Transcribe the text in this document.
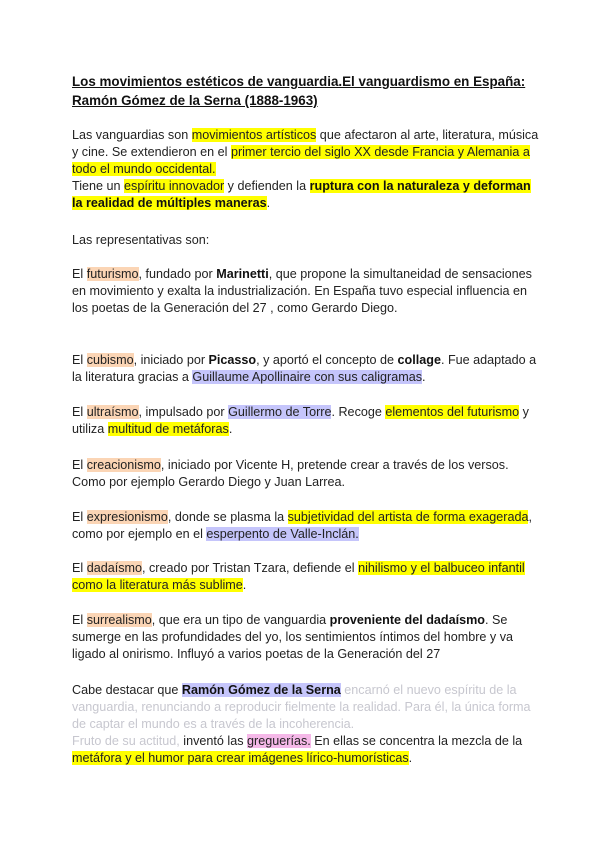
Los movimientos estéticos de vanguardia.El vanguardismo en España: Ramón Gómez de la Serna (1888-1963)
Las vanguardias son movimientos artísticos que afectaron al arte, literatura, música y cine. Se extendieron en el primer tercio del siglo XX desde Francia y Alemania a todo el mundo occidental.
Tiene un espíritu innovador y defienden la ruptura con la naturaleza y deforman la realidad de múltiples maneras.
Las representativas son:
El futurismo, fundado por Marinetti, que propone la simultaneidad de sensaciones en movimiento y exalta la industrialización. En España tuvo especial influencia en los poetas de la Generación del 27 , como Gerardo Diego.
El cubismo, iniciado por Picasso, y aportó el concepto de collage. Fue adaptado a la literatura gracias a Guillaume Apollinaire con sus caligramas.
El ultraísmo, impulsado por Guillermo de Torre. Recoge elementos del futurismo y utiliza multitud de metáforas.
El creacionismo, iniciado por Vicente H, pretende crear a través de los versos. Como por ejemplo Gerardo Diego y Juan Larrea.
El expresionismo, donde se plasma la subjetividad del artista de forma exagerada, como por ejemplo en el esperpento de Valle-Inclán.
El dadaísmo, creado por Tristan Tzara, defiende el nihilismo y el balbuceo infantil como la literatura más sublime.
El surrealismo, que era un tipo de vanguardia proveniente del dadaísmo. Se sumerge en las profundidades del yo, los sentimientos íntimos del hombre y va ligado al onirismo. Influyó a varios poetas de la Generación del 27
Cabe destacar que Ramón Gómez de la Serna encarnó el nuevo espíritu de la vanguardia, renunciando a reproducir fielmente la realidad. Para él, la única forma de captar el mundo es a través de la incoherencia.
Fruto de su actitud, inventó las greguerías. En ellas se concentra la mezcla de la metáfora y el humor para crear imágenes lírico-humorísticas.
